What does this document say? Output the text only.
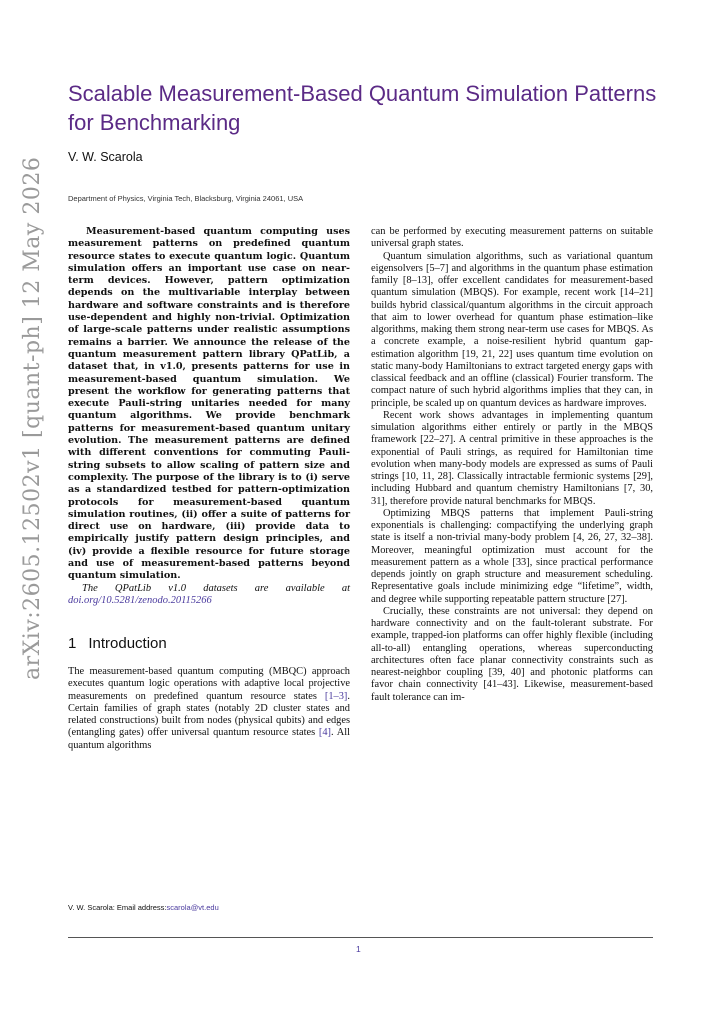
arXiv:2605.12502v1 [quant-ph] 12 May 2026
Scalable Measurement-Based Quantum Simulation Patterns for Benchmarking
V. W. Scarola
Department of Physics, Virginia Tech, Blacksburg, Virginia 24061, USA

Measurement-based quantum computing uses measurement patterns on predefined quantum resource states to execute quantum logic. Quantum simulation offers an important use case on near-term devices. However, pattern optimization depends on the multivariable interplay between hardware and software constraints and is therefore use-dependent and highly non-trivial. Optimization of large-scale patterns under realistic assumptions remains a barrier. We announce the release of the quantum measurement pattern library QPatLib, a dataset that, in v1.0, presents patterns for use in measurement-based quantum simulation. We present the workflow for generating patterns that execute Pauli-string unitaries needed for many quantum algorithms. We provide benchmark patterns for measurement-based quantum unitary evolution. The measurement patterns are defined with different conventions for commuting Pauli-string subsets to allow scaling of pattern size and complexity. The purpose of the library is to (i) serve as a standardized testbed for pattern-optimization protocols for measurement-based quantum simulation routines, (ii) offer a suite of patterns for direct use on hardware, (iii) provide data to empirically justify pattern design principles, and (iv) provide a flexible resource for future storage and use of measurement-based patterns beyond quantum simulation.

The QPatLib v1.0 datasets are available at doi.org/10.5281/zenodo.20115266

1 Introduction

The measurement-based quantum computing (MBQC) approach executes quantum logic operations with adaptive local projective measurements on predefined quantum resource states [1–3]. Certain families of graph states (notably 2D cluster states and related constructions) built from nodes (physical qubits) and edges (entangling gates) offer universal quantum resource states [4]. All quantum algorithms

can be performed by executing measurement patterns on suitable universal graph states.

Quantum simulation algorithms, such as variational quantum eigensolvers [5–7] and algorithms in the quantum phase estimation family [8–13], offer excellent candidates for measurement-based quantum simulation (MBQS). For example, recent work [14–21] builds hybrid classical/quantum algorithms in the circuit approach that aim to lower overhead for quantum phase estimation–like algorithms, making them strong near-term use cases for MBQS. As a concrete example, a noise-resilient hybrid quantum gap-estimation algorithm [19, 21, 22] uses quantum time evolution on static many-body Hamiltonians to extract targeted energy gaps with classical feedback and an offline (classical) Fourier transform. The compact nature of such hybrid algorithms implies that they can, in principle, be scaled up on quantum devices as hardware improves.

Recent work shows advantages in implementing quantum simulation algorithms either entirely or partly in the MBQS framework [22–27]. A central primitive in these approaches is the exponential of Pauli strings, as required for Hamiltonian time evolution when many-body models are expressed as sums of Pauli strings [10, 11, 28]. Classically intractable fermionic systems [29], including Hubbard and quantum chemistry Hamiltonians [7, 30, 31], therefore provide natural benchmarks for MBQS.

Optimizing MBQS patterns that implement Pauli-string exponentials is challenging: compactifying the underlying graph state is itself a non-trivial many-body problem [4, 26, 27, 32–38]. Moreover, meaningful optimization must account for the measurement pattern as a whole [33], since practical performance depends jointly on graph structure and measurement scheduling. Representative goals include minimizing edge “lifetime”, width, and degree while supporting repeatable pattern structure [27].

Crucially, these constraints are not universal: they depend on hardware connectivity and on the fault-tolerant substrate. For example, trapped-ion platforms can offer highly flexible (including all-to-all) entangling operations, whereas superconducting architectures often face planar connectivity constraints such as nearest-neighbor coupling [39, 40] and photonic platforms can favor chain connectivity [41–43]. Likewise, measurement-based fault tolerance can im-

V. W. Scarola: Email address:scarola@vt.edu
1
